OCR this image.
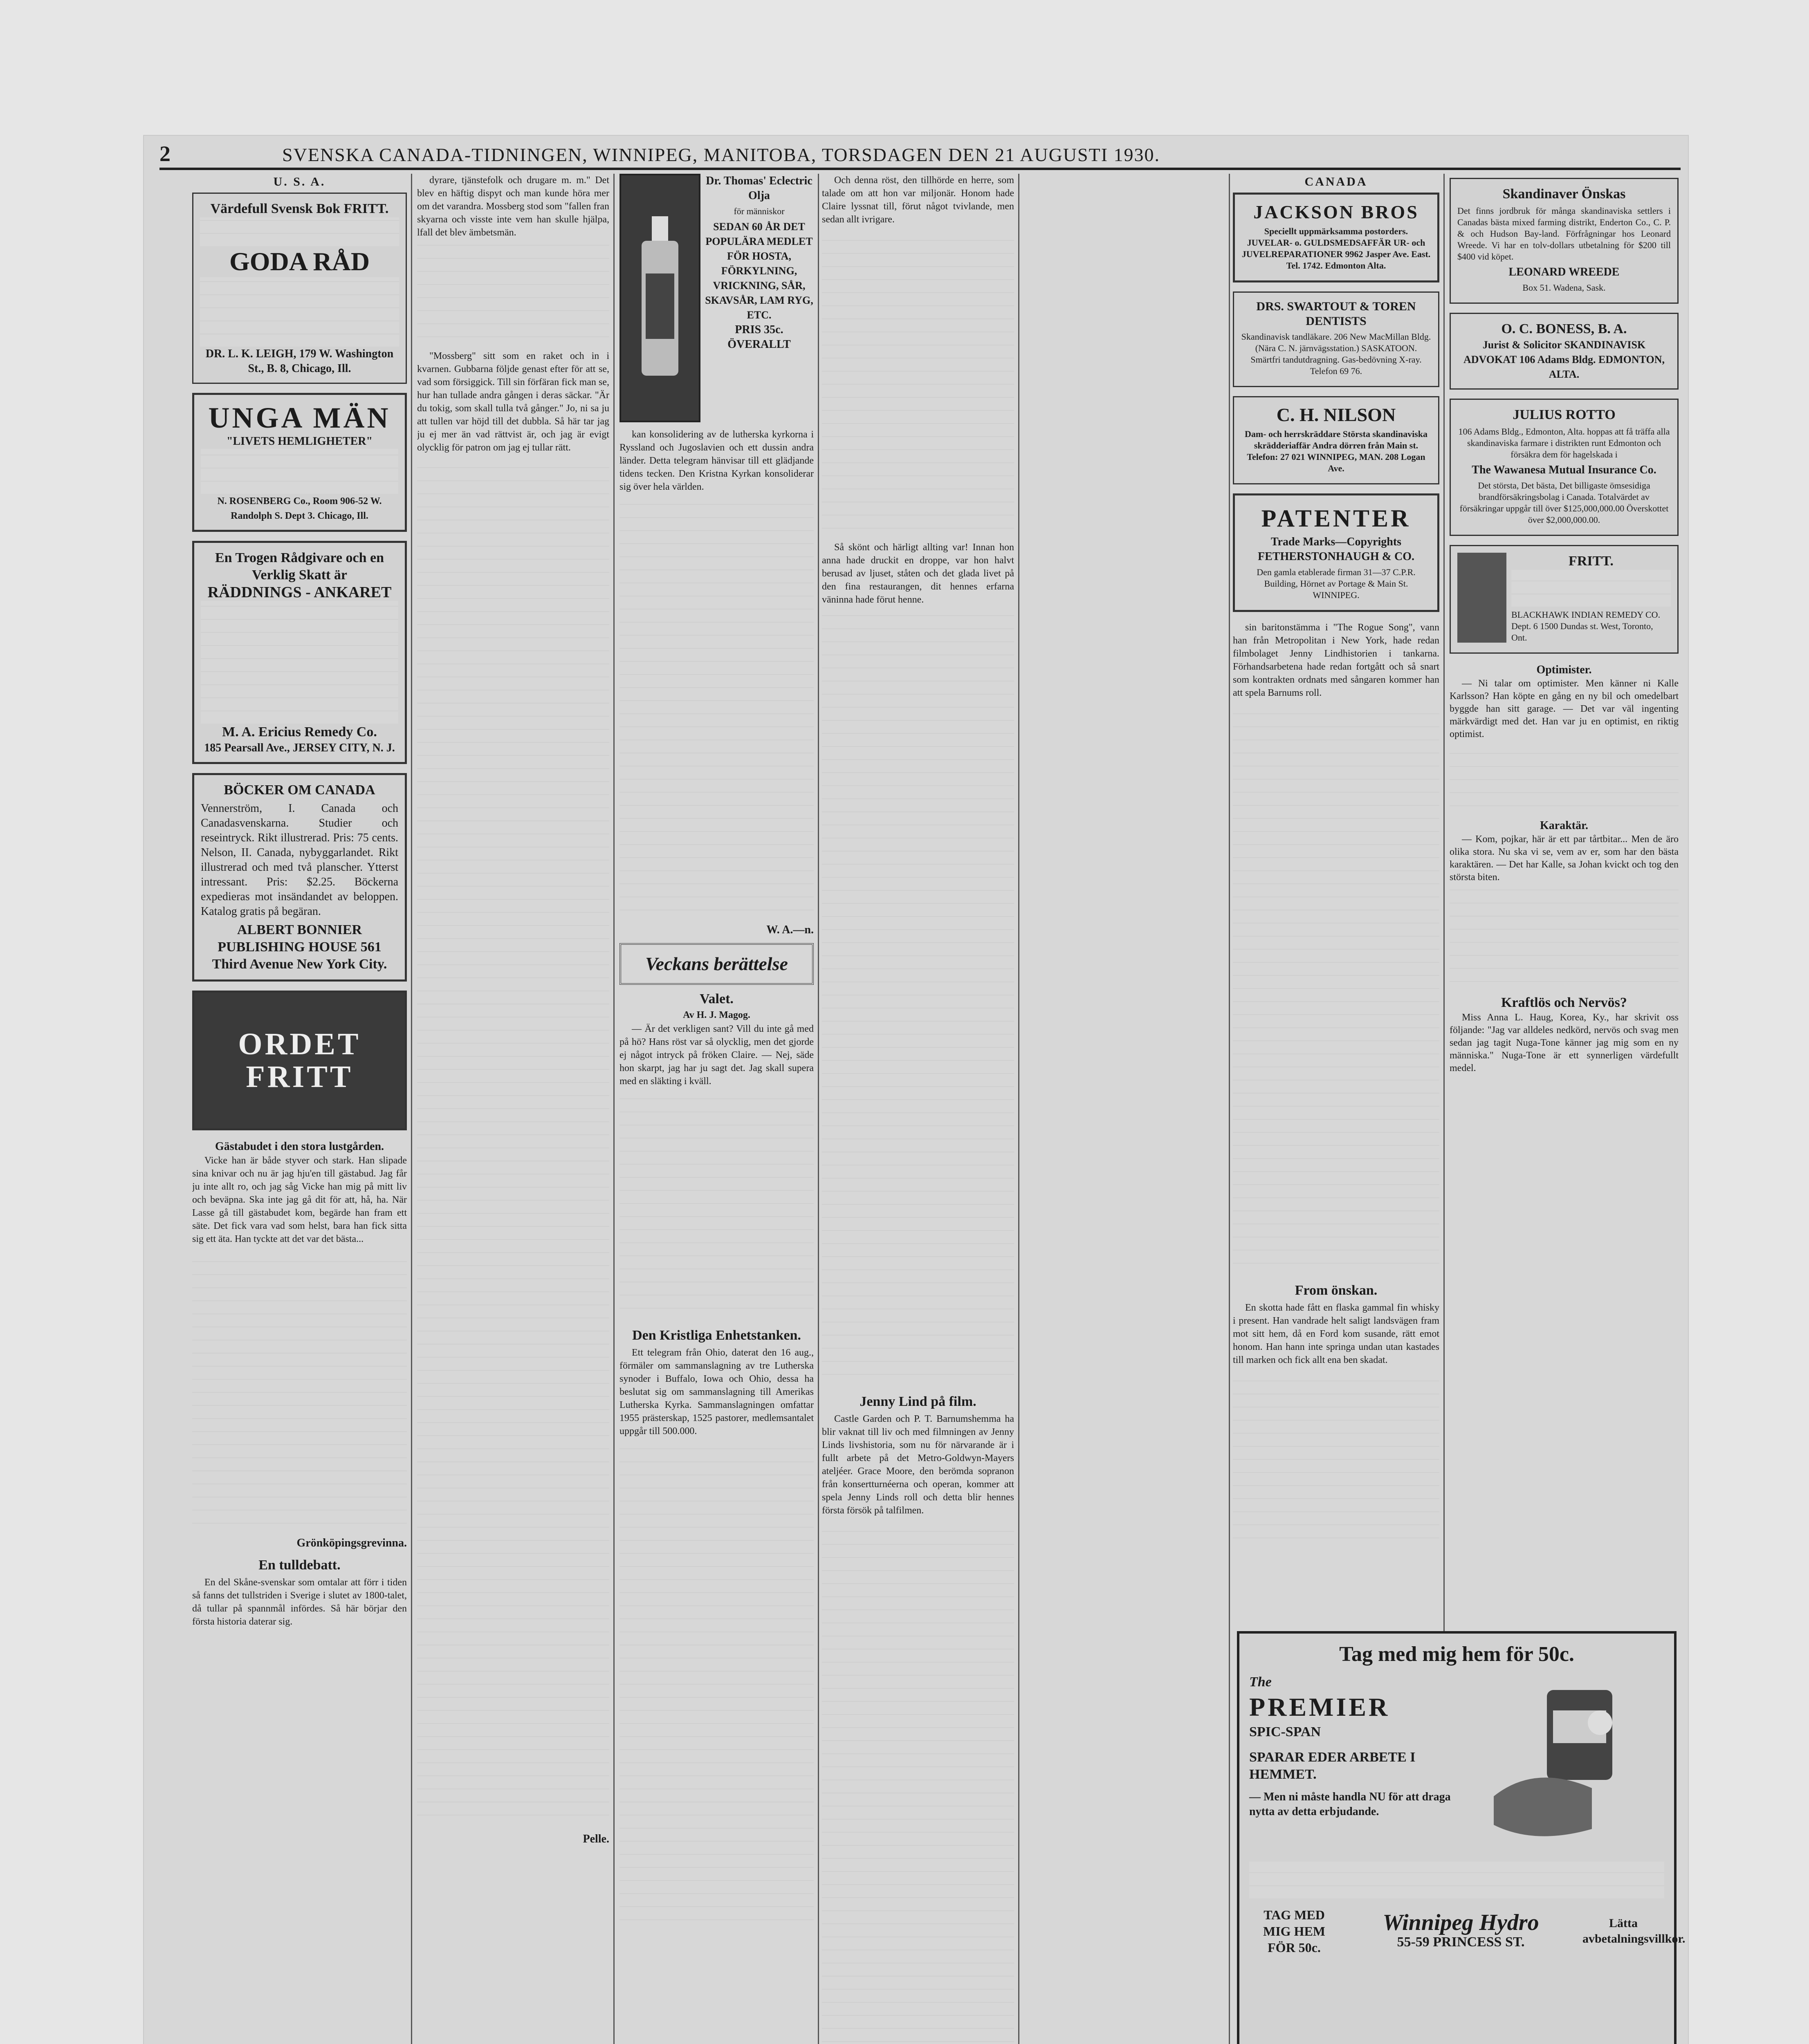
2	SVENSKA CANADA-TIDNINGEN, WINNIPEG, MANITOBA, TORSDAGEN DEN 21 AUGUSTI 1930.
U. S. A.
Värdefull Svensk Bok FRITT.
GODA RÅD
DR. L. K. LEIGH, 179 W. Washington St., B. 8, Chicago, Ill.
UNGA MÄN
"LIVETS HEMLIGHETER"
N. ROSENBERG Co., Room 906-52 W. Randolph S. Dept 3. Chicago, Ill.
En Trogen Rådgivare och en Verklig Skatt är
RÄDDNINGS - ANKARET
M. A. Ericius Remedy Co.
185 Pearsall Ave., JERSEY CITY, N. J.
BÖCKER OM CANADA
Vennerström, I. Canada och Canadasvenskarna. Studier och reseintryck. Rikt illustrerad. Pris: 75 cents. Nelson, II. Canada, nybyggarlandet. Rikt illustrerad och med två planscher. Ytterst intressant. Pris: $2.25. Böckerna expedieras mot insändandet av beloppen. Katalog gratis på begäran.
ALBERT BONNIER PUBLISHING HOUSE 561 Third Avenue New York City.
ORDET FRITT
Gästabudet i den stora lustgården.

Vicke han är både styver och stark. Han slipade sina knivar och nu är jag hju'en till gästabud. Jag får ju inte allt ro, och jag såg Vicke han mig på mitt liv och beväpna. Ska inte jag gå dit för att, hå, ha. När Lasse gå till gästabudet kom, begärde han fram ett säte. Det fick vara vad som helst, bara han fick sitta sig ett äta. Han tyckte att det var det bästa...

Grönköpingsgrevinna.
En tulldebatt.

En del Skåne-svenskar som omtalar att förr i tiden så fanns det tullstriden i Sverige i slutet av 1800-talet, då tullar på spannmål infördes. Så här börjar den första historia daterar sig.

dyrare, tjänstefolk och drugare m. m." Det blev en häftig dispyt och man kunde höra mer om det varandra. Mossberg stod som "fallen fran skyarna och visste inte vem han skulle hjälpa, lfall det blev ämbetsmän.

"Mossberg" sitt som en raket och in i kvarnen. Gubbarna följde genast efter för att se, vad som försiggick. Till sin förfäran fick man se, hur han tullade andra gången i deras säckar. "Är du tokig, som skall tulla två gånger." Jo, ni sa ju att tullen var höjd till det dubbla. Så här tar jag ju ej mer än vad rättvist är, och jag är evigt olycklig för patron om jag ej tullar rätt.

Pelle.
Dr. Thomas' Eclectric Olja
för människor
SEDAN 60 ÅR DET POPULÄRA MEDLET FÖR HOSTA, FÖRKYLNING, VRICKNING, SÅR, SKAVSÅR, LAM RYG, ETC.
PRIS 35c.
ÖVERALLT

kan konsolidering av de lutherska kyrkorna i Ryssland och Jugoslavien och ett dussin andra länder. Detta telegram hänvisar till ett glädjande tidens tecken. Den Kristna Kyrkan konsoliderar sig över hela världen.

W. A.—n.
Veckans berättelse
Valet.
Av H. J. Magog.

— Är det verkligen sant? Vill du inte gå med på hö? Hans röst var så olycklig, men det gjorde ej något intryck på fröken Claire. — Nej, säde hon skarpt, jag har ju sagt det. Jag skall supera med en släkting i kväll.

Den Kristliga Enhetstanken.

Ett telegram från Ohio, daterat den 16 aug., förmäler om sammanslagning av tre Lutherska synoder i Buffalo, Iowa och Ohio, dessa ha beslutat sig om sammanslagning till Amerikas Lutherska Kyrka. Sammanslagningen omfattar 1955 prästerskap, 1525 pastorer, medlemsantalet uppgår till 500.000.

Och denna röst, den tillhörde en herre, som talade om att hon var miljonär. Honom hade Claire lyssnat till, förut något tvivlande, men sedan allt ivrigare.

Så skönt och härligt allting var! Innan hon anna hade druckit en droppe, var hon halvt berusad av ljuset, ståten och det glada livet på den fina restaurangen, dit hennes erfarna väninna hade förut henne.

Jenny Lind på film.

Castle Garden och P. T. Barnumshemma ha blir vaknat till liv och med filmningen av Jenny Linds livshistoria, som nu för närvarande är i fullt arbete på det Metro-Goldwyn-Mayers ateljéer. Grace Moore, den berömda sopranon från konsertturnéerna och operan, kommer att spela Jenny Linds roll och detta blir hennes första försök på talfilmen.

CANADA
JACKSON BROS
Speciellt uppmärksamma postorders. JUVELAR- o. GULDSMEDSAFFÄR UR- och JUVELREPARATIONER 9962 Jasper Ave. East. Tel. 1742. Edmonton Alta.
DRS. SWARTOUT & TOREN DENTISTS
Skandinavisk tandläkare. 206 New MacMillan Bldg. (Nära C. N. järnvägsstation.) SASKATOON. Smärtfri tandutdragning. Gas-bedövning X-ray. Telefon 69 76.
C. H. NILSON
Dam- och herrskräddare Största skandinaviska skrädderiaffär Andra dörren från Main st. Telefon: 27 021 WINNIPEG, MAN. 208 Logan Ave.
PATENTER
Trade Marks—Copyrights
FETHERSTONHAUGH & CO.
Den gamla etablerade firman 31—37 C.P.R. Building, Hörnet av Portage & Main St. WINNIPEG.

sin baritonstämma i "The Rogue Song", vann han från Metropolitan i New York, hade redan filmbolaget Jenny Lindhistorien i tankarna. Förhandsarbetena hade redan fortgått och så snart som kontrakten ordnats med sångaren kommer han att spela Barnums roll.

From önskan.

En skotta hade fått en flaska gammal fin whisky i present. Han vandrade helt saligt landsvägen fram mot sitt hem, då en Ford kom susande, rätt emot honom. Han hann inte springa undan utan kastades till marken och fick allt ena ben skadat.

Skandinaver Önskas
Det finns jordbruk för många skandinaviska settlers i Canadas bästa mixed farming distrikt, Enderton Co., C. P. & och Hudson Bay-land. Förfrågningar hos Leonard Wreede. Vi har en tolv-dollars utbetalning för $200 till $400 vid köpet.
LEONARD WREEDE
Box 51. Wadena, Sask.
O. C. BONESS, B. A.
Jurist & Solicitor SKANDINAVISK ADVOKAT 106 Adams Bldg. EDMONTON, ALTA.
JULIUS ROTTO
106 Adams Bldg., Edmonton, Alta. hoppas att få träffa alla skandinaviska farmare i distrikten runt Edmonton och försäkra dem för hagelskada i
The Wawanesa Mutual Insurance Co.
Det största, Det bästa, Det billigaste ömsesidiga brandförsäkringsbolag i Canada. Totalvärdet av försäkringar uppgår till över $125,000,000.00 Överskottet över $2,000,000.00.
FRITT.
BLACKHAWK INDIAN REMEDY CO. Dept. 6 1500 Dundas st. West, Toronto, Ont.
Optimister.

— Ni talar om optimister. Men känner ni Kalle Karlsson? Han köpte en gång en ny bil och omedelbart byggde han sitt garage. — Det var väl ingenting märkvärdigt med det. Han var ju en optimist, en riktig optimist.

Karaktär.

— Kom, pojkar, här är ett par tårtbitar... Men de äro olika stora. Nu ska vi se, vem av er, som har den bästa karaktären. — Det har Kalle, sa Johan kvickt och tog den största biten.

Kraftlös och Nervös?

Miss Anna L. Haug, Korea, Ky., har skrivit oss följande: "Jag var alldeles nedkörd, nervös och svag men sedan jag tagit Nuga-Tone känner jag mig som en ny människa." Nuga-Tone är ett synnerligen värdefullt medel.

Tag med mig hem för 50c.
The
PREMIER
SPIC-SPAN
SPARAR EDER ARBETE I HEMMET.
— Men ni måste handla NU för att draga nytta av detta erbjudande.
TAG MED MIG HEM FÖR 50c.
Winnipeg Hydro
55-59 PRINCESS ST.
Lätta avbetalningsvillkor.
